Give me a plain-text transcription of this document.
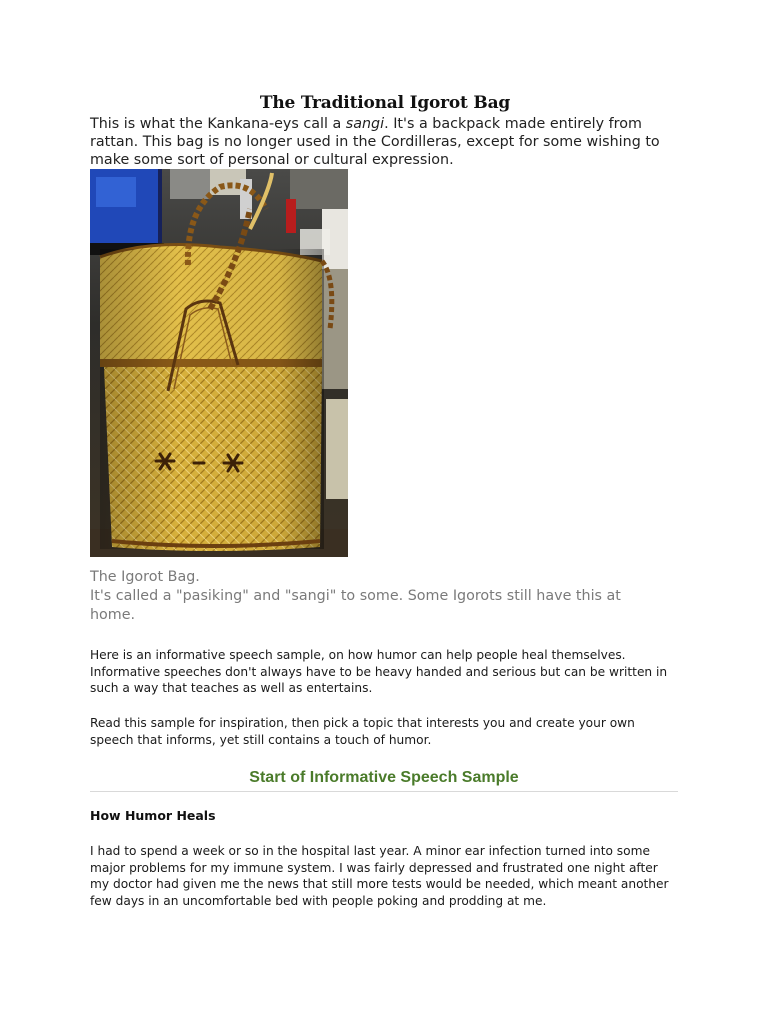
The Traditional Igorot Bag
This is what the Kankana-eys call a sangi. It's a backpack made entirely from rattan. This bag is no longer used in the Cordilleras, except for some wishing to make some sort of personal or cultural expression.
The Igorot Bag.
It's called a "pasiking" and "sangi" to some. Some Igorots still have this at home.
Here is an informative speech sample, on how humor can help people heal themselves. Informative speeches don't always have to be heavy handed and serious but can be written in such a way that teaches as well as entertains.
Read this sample for inspiration, then pick a topic that interests you and create your own speech that informs, yet still contains a touch of humor.
Start of Informative Speech Sample
How Humor Heals
I had to spend a week or so in the hospital last year. A minor ear infection turned into some major problems for my immune system. I was fairly depressed and frustrated one night after my doctor had given me the news that still more tests would be needed, which meant another few days in an uncomfortable bed with people poking and prodding at me.
